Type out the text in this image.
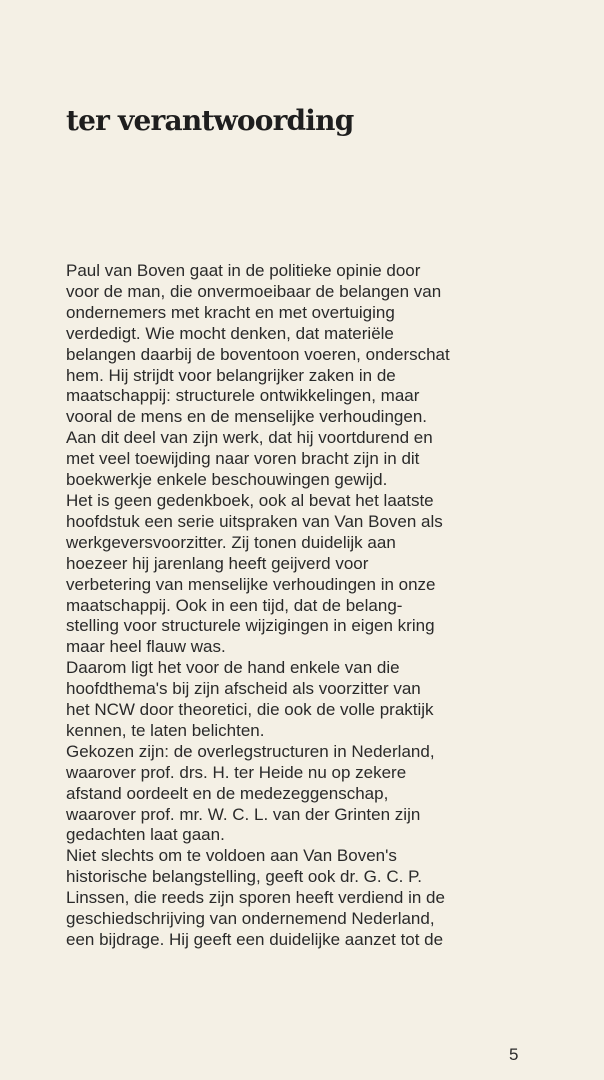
ter verantwoording
Paul van Boven gaat in de politieke opinie door
voor de man, die onvermoeibaar de belangen van
ondernemers met kracht en met overtuiging
verdedigt. Wie mocht denken, dat materiële
belangen daarbij de boventoon voeren, onderschat
hem. Hij strijdt voor belangrijker zaken in de
maatschappij: structurele ontwikkelingen, maar
vooral de mens en de menselijke verhoudingen.
Aan dit deel van zijn werk, dat hij voortdurend en
met veel toewijding naar voren bracht zijn in dit
boekwerkje enkele beschouwingen gewijd.
Het is geen gedenkboek, ook al bevat het laatste
hoofdstuk een serie uitspraken van Van Boven als
werkgeversvoorzitter. Zij tonen duidelijk aan
hoezeer hij jarenlang heeft geijverd voor
verbetering van menselijke verhoudingen in onze
maatschappij. Ook in een tijd, dat de belang-
stelling voor structurele wijzigingen in eigen kring
maar heel flauw was.
Daarom ligt het voor de hand enkele van die
hoofdthema's bij zijn afscheid als voorzitter van
het NCW door theoretici, die ook de volle praktijk
kennen, te laten belichten.
Gekozen zijn: de overlegstructuren in Nederland,
waarover prof. drs. H. ter Heide nu op zekere
afstand oordeelt en de medezeggenschap,
waarover prof. mr. W. C. L. van der Grinten zijn
gedachten laat gaan.
Niet slechts om te voldoen aan Van Boven's
historische belangstelling, geeft ook dr. G. C. P.
Linssen, die reeds zijn sporen heeft verdiend in de
geschiedschrijving van ondernemend Nederland,
een bijdrage. Hij geeft een duidelijke aanzet tot de
5
